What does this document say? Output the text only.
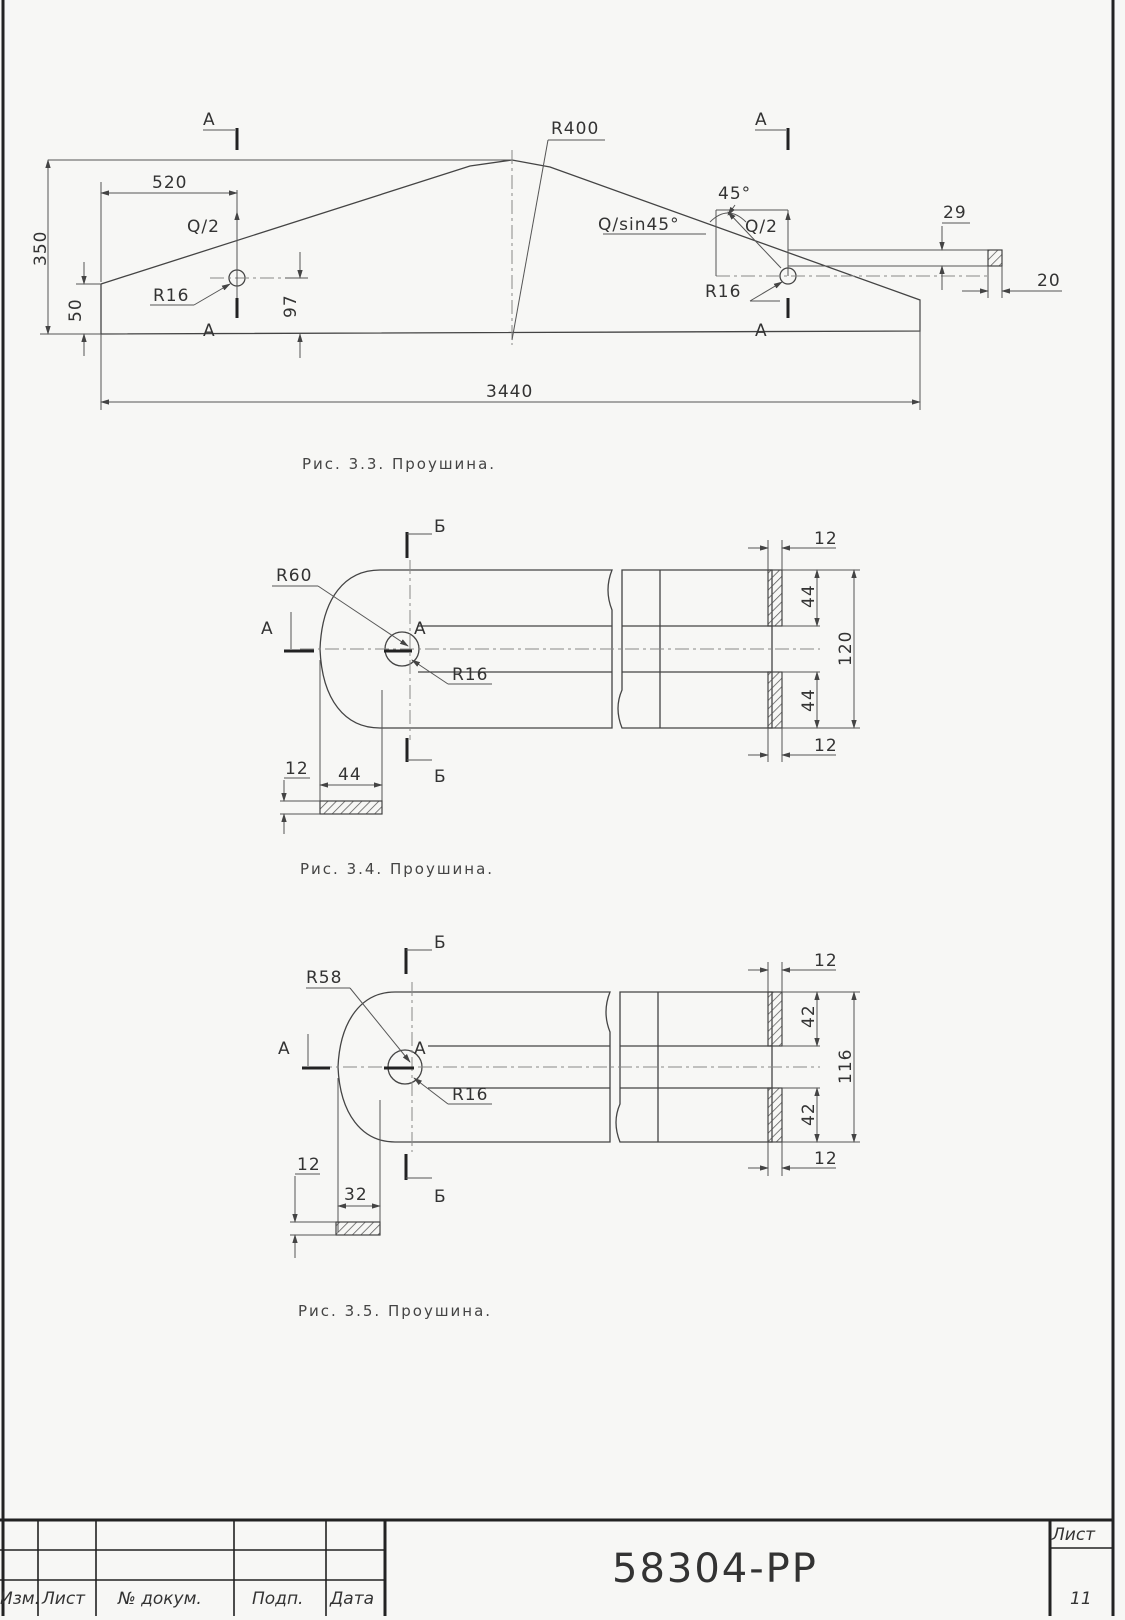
R400
Q/2
R16
А
А
А
А
520
350
50	97
3440
Q/2
Q/sin45°
45°
R16
29
20
Рис. 3.3. Проушина.
R60
R16
А	А
Б
Б
12
44
44
120
12
12 44
Рис. 3.4. Проушина.
R58
R16
А	А
Б
Б
12
42
42
116
12
12
32
Рис. 3.5. Проушина.
Изм. Лист № докум.	Подп. Дата
58304-РР
Лист
11
